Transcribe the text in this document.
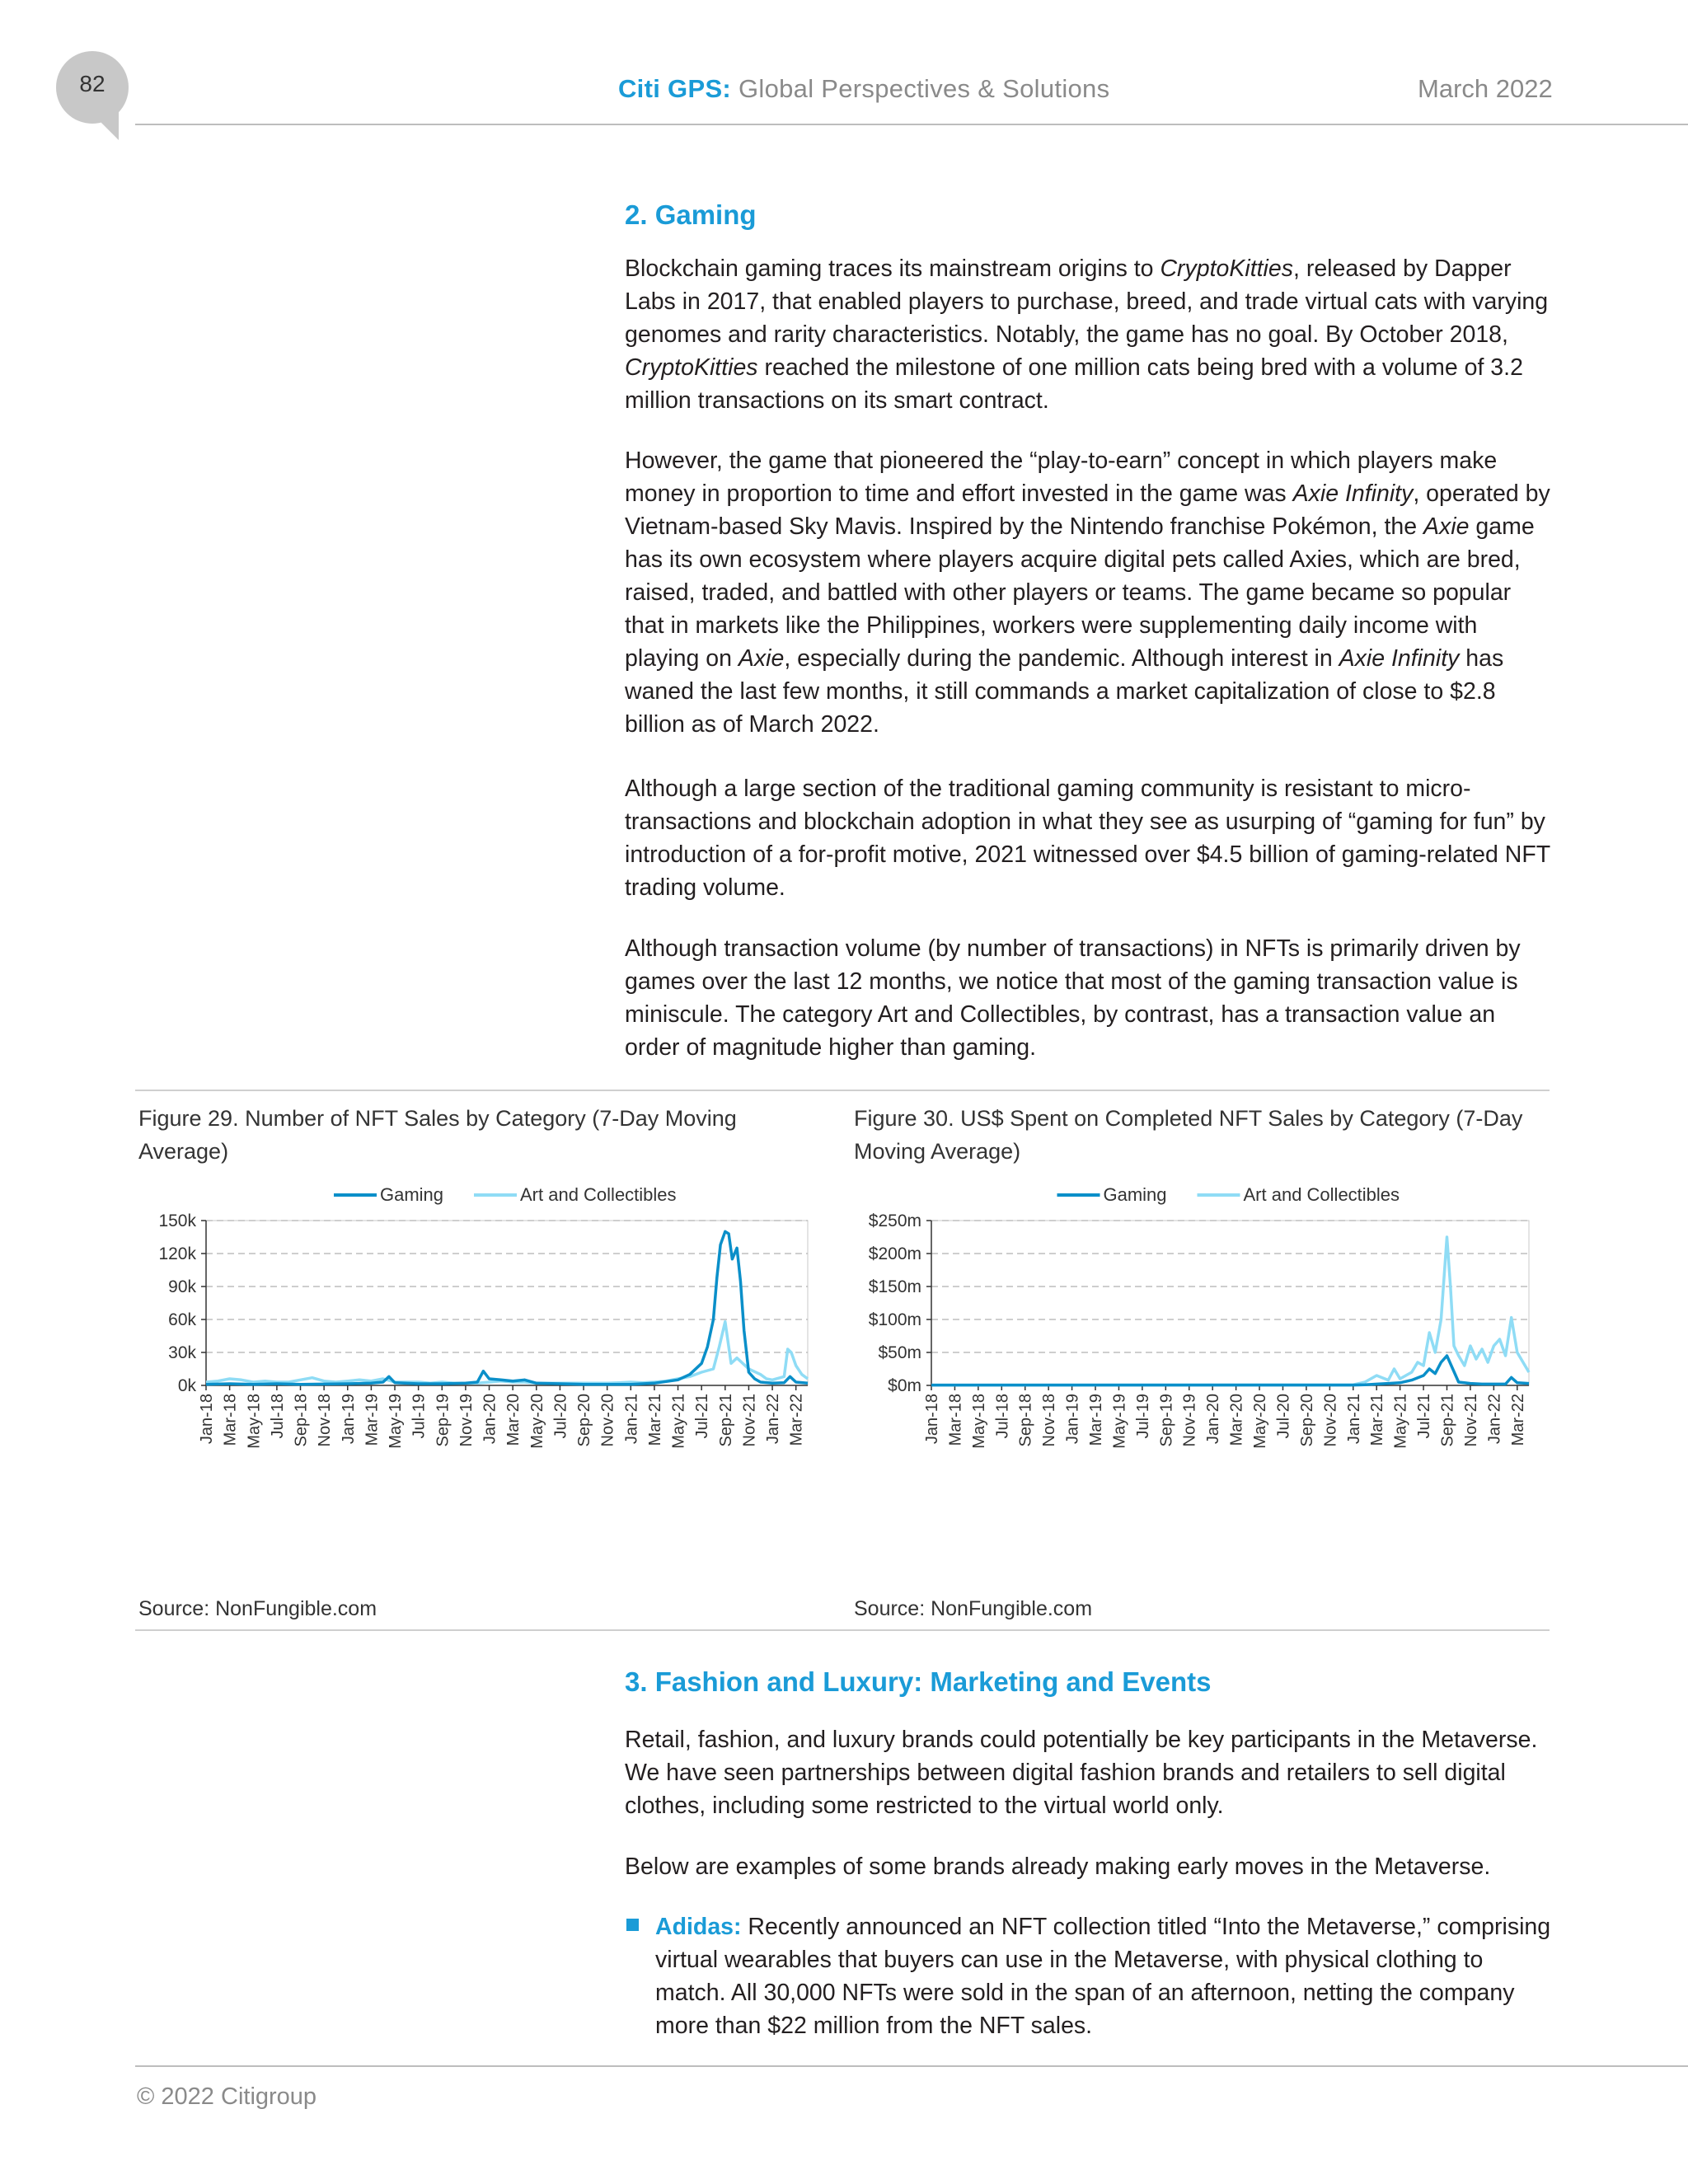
82	Citi GPS: Global Perspectives & Solutions	March 2022
2. Gaming

Blockchain gaming traces its mainstream origins to CryptoKitties, released by Dapper Labs in 2017, that enabled players to purchase, breed, and trade virtual cats with varying genomes and rarity characteristics. Notably, the game has no goal. By October 2018, CryptoKitties reached the milestone of one million cats being bred with a volume of 3.2 million transactions on its smart contract.

However, the game that pioneered the “play-to-earn” concept in which players make money in proportion to time and effort invested in the game was Axie Infinity, operated by Vietnam-based Sky Mavis. Inspired by the Nintendo franchise Pokémon, the Axie game has its own ecosystem where players acquire digital pets called Axies, which are bred, raised, traded, and battled with other players or teams. The game became so popular that in markets like the Philippines, workers were supplementing daily income with playing on Axie, especially during the pandemic. Although interest in Axie Infinity has waned the last few months, it still commands a market capitalization of close to $2.8 billion as of March 2022.

Although a large section of the traditional gaming community is resistant to micro-transactions and blockchain adoption in what they see as usurping of “gaming for fun” by introduction of a for-profit motive, 2021 witnessed over $4.5 billion of gaming-related NFT trading volume.

Although transaction volume (by number of transactions) in NFTs is primarily driven by games over the last 12 months, we notice that most of the gaming transaction value is miniscule. The category Art and Collectibles, by contrast, has a transaction value an order of magnitude higher than gaming.

Figure 29. Number of NFT Sales by Category (7-Day Moving Average)
Figure 30. US$ Spent on Completed NFT Sales by Category (7-Day
Moving Average)
0k
30k
60k
90k
120k
150k
Jan-18 Mar-18 May-18 Jul-18 Sep-18 Nov-18 Jan-19 Mar-19 May-19 Jul-19 Sep-19 Nov-19 Jan-20 Mar-20 May-20 Jul-20 Sep-20 Nov-20 Jan-21 Mar-21 May-21 Jul-21 Sep-21 Nov-21 Jan-22 Mar-22
Gaming	Art and Collectibles
$0m
$50m
$100m
$150m
$200m
$250m
Jan-18 Mar-18 May-18 Jul-18 Sep-18 Nov-18 Jan-19 Mar-19 May-19 Jul-19 Sep-19 Nov-19 Jan-20 Mar-20 May-20 Jul-20 Sep-20 Nov-20 Jan-21 Mar-21 May-21 Jul-21 Sep-21 Nov-21 Jan-22 Mar-22
Gaming	Art and Collectibles
Source: NonFungible.com	Source: NonFungible.com
3. Fashion and Luxury: Marketing and Events

Retail, fashion, and luxury brands could potentially be key participants in the Metaverse. We have seen partnerships between digital fashion brands and retailers to sell digital clothes, including some restricted to the virtual world only.

Below are examples of some brands already making early moves in the Metaverse.

Adidas: Recently announced an NFT collection titled “Into the Metaverse,” comprising virtual wearables that buyers can use in the Metaverse, with physical clothing to match. All 30,000 NFTs were sold in the span of an afternoon, netting the company more than $22 million from the NFT sales.

© 2022 Citigroup
